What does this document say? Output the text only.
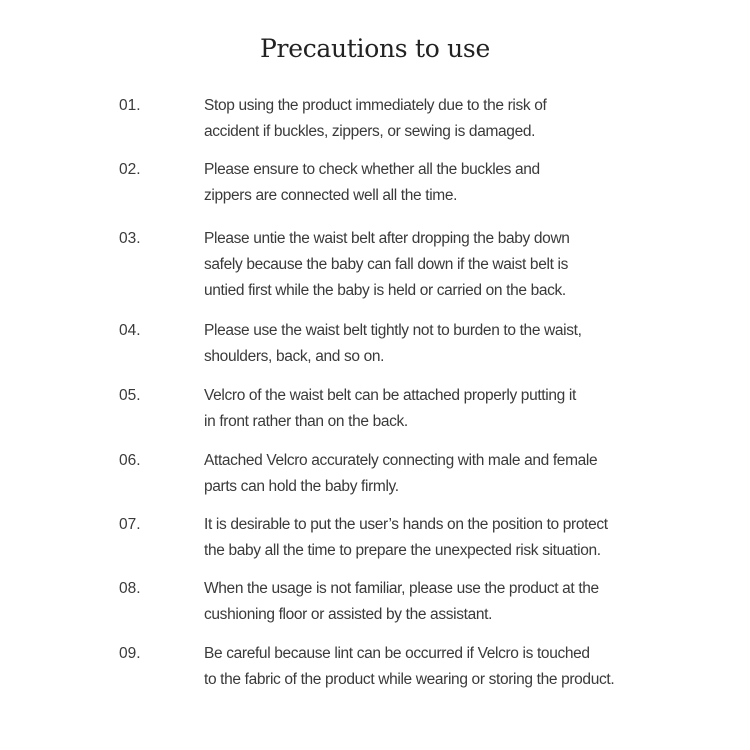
Precautions to use
01.	Stop using the product immediately due to the risk of
accident if buckles, zippers, or sewing is damaged.
02.	Please ensure to check whether all the buckles and
zippers are connected well all the time.
03.	Please untie the waist belt after dropping the baby down
safely because the baby can fall down if the waist belt is
untied first while the baby is held or carried on the back.
04.	Please use the waist belt tightly not to burden to the waist,
shoulders, back, and so on.
05.	Velcro of the waist belt can be attached properly putting it
in front rather than on the back.
06.	Attached Velcro accurately connecting with male and female
parts can hold the baby firmly.
07.	It is desirable to put the user’s hands on the position to protect
the baby all the time to prepare the unexpected risk situation.
08.	When the usage is not familiar, please use the product at the
cushioning floor or assisted by the assistant.
09.	Be careful because lint can be occurred if Velcro is touched
to the fabric of the product while wearing or storing the product.
